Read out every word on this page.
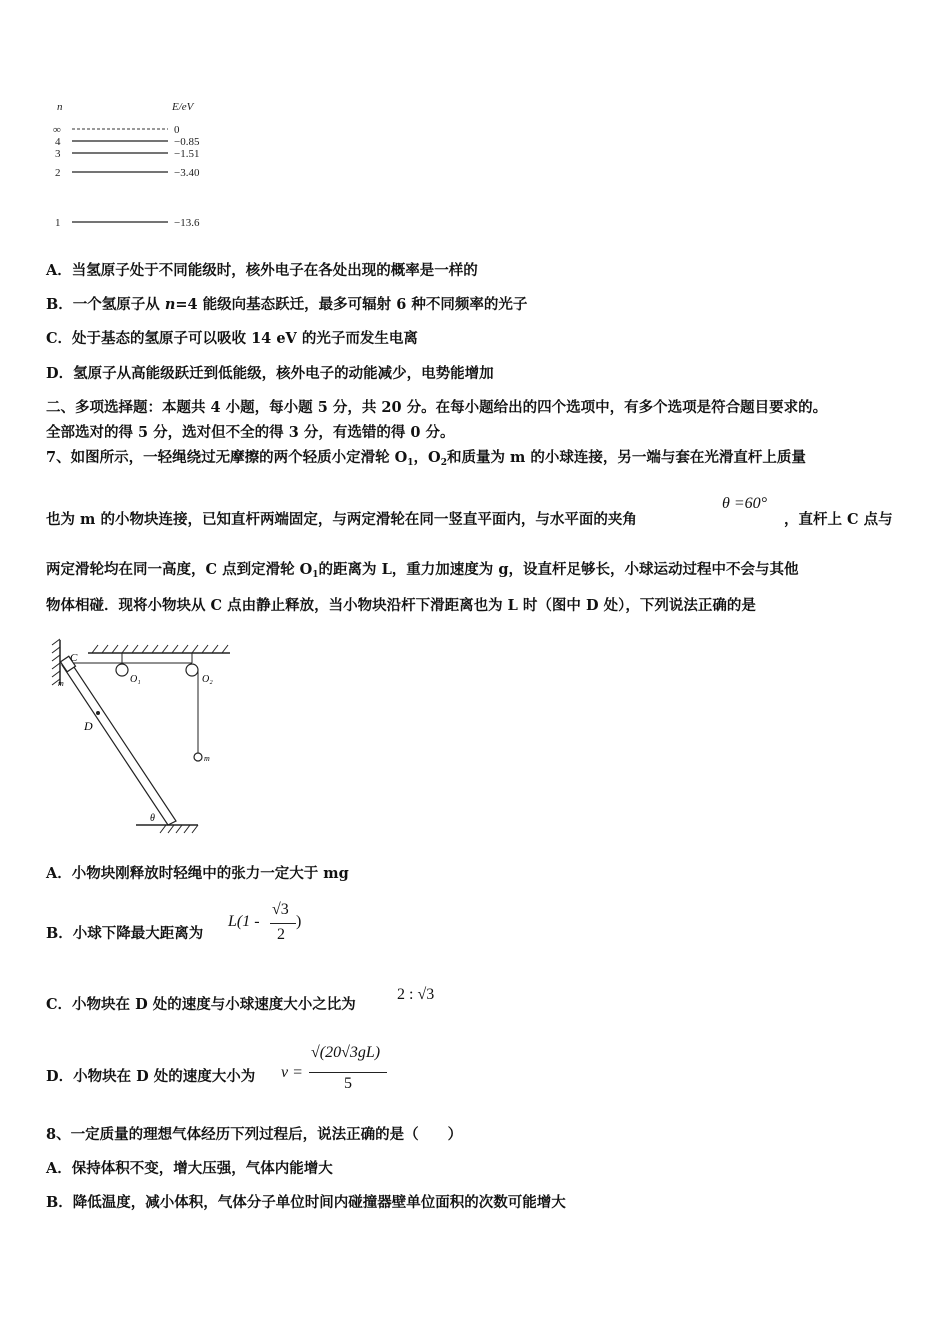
n	E/eV
∞	0
4	−0.85
3	−1.51
2	−3.40
1	−13.6
A．当氢原子处于不同能级时，核外电子在各处出现的概率是一样的
B．一个氢原子从 n=4 能级向基态跃迁，最多可辐射 6 种不同频率的光子
C．处于基态的氢原子可以吸收 14 eV 的光子而发生电离
D．氢原子从高能级跃迁到低能级，核外电子的动能减少，电势能增加
二、多项选择题：本题共 4 小题，每小题 5 分，共 20 分。在每小题给出的四个选项中，有多个选项是符合题目要求的。
全部选对的得 5 分，选对但不全的得 3 分，有选错的得 0 分。
7、如图所示，一轻绳绕过无摩擦的两个轻质小定滑轮 $O_1$，$O_2$和质量为 m 的小球连接，另一端与套在光滑直杆上质量
也为 m 的小物块连接，已知直杆两端固定，与两定滑轮在同一竖直平面内，与水平面的夹角
θ =60°
，直杆上 C 点与
两定滑轮均在同一高度，C 点到定滑轮 $O_1$的距离为 L，重力加速度为 g，设直杆足够长，小球运动过程中不会与其他
物体相碰．现将小物块从 C 点由静止释放，当小物块沿杆下滑距离也为 L 时（图中 D 处），下列说法正确的是
C
m
D
O₁	O₂
m
θ
A．小物块刚释放时轻绳中的张力一定大于 mg
B．小球下降最大距离为
L(1 -
√3
2
)
C．小物块在 D 处的速度与小球速度大小之比为
2 : √3
D．小物块在 D 处的速度大小为 v =
√(20√3gL)
5
8、一定质量的理想气体经历下列过程后，说法正确的是（　　）
A．保持体积不变，增大压强，气体内能增大
B．降低温度，减小体积，气体分子单位时间内碰撞器壁单位面积的次数可能增大
